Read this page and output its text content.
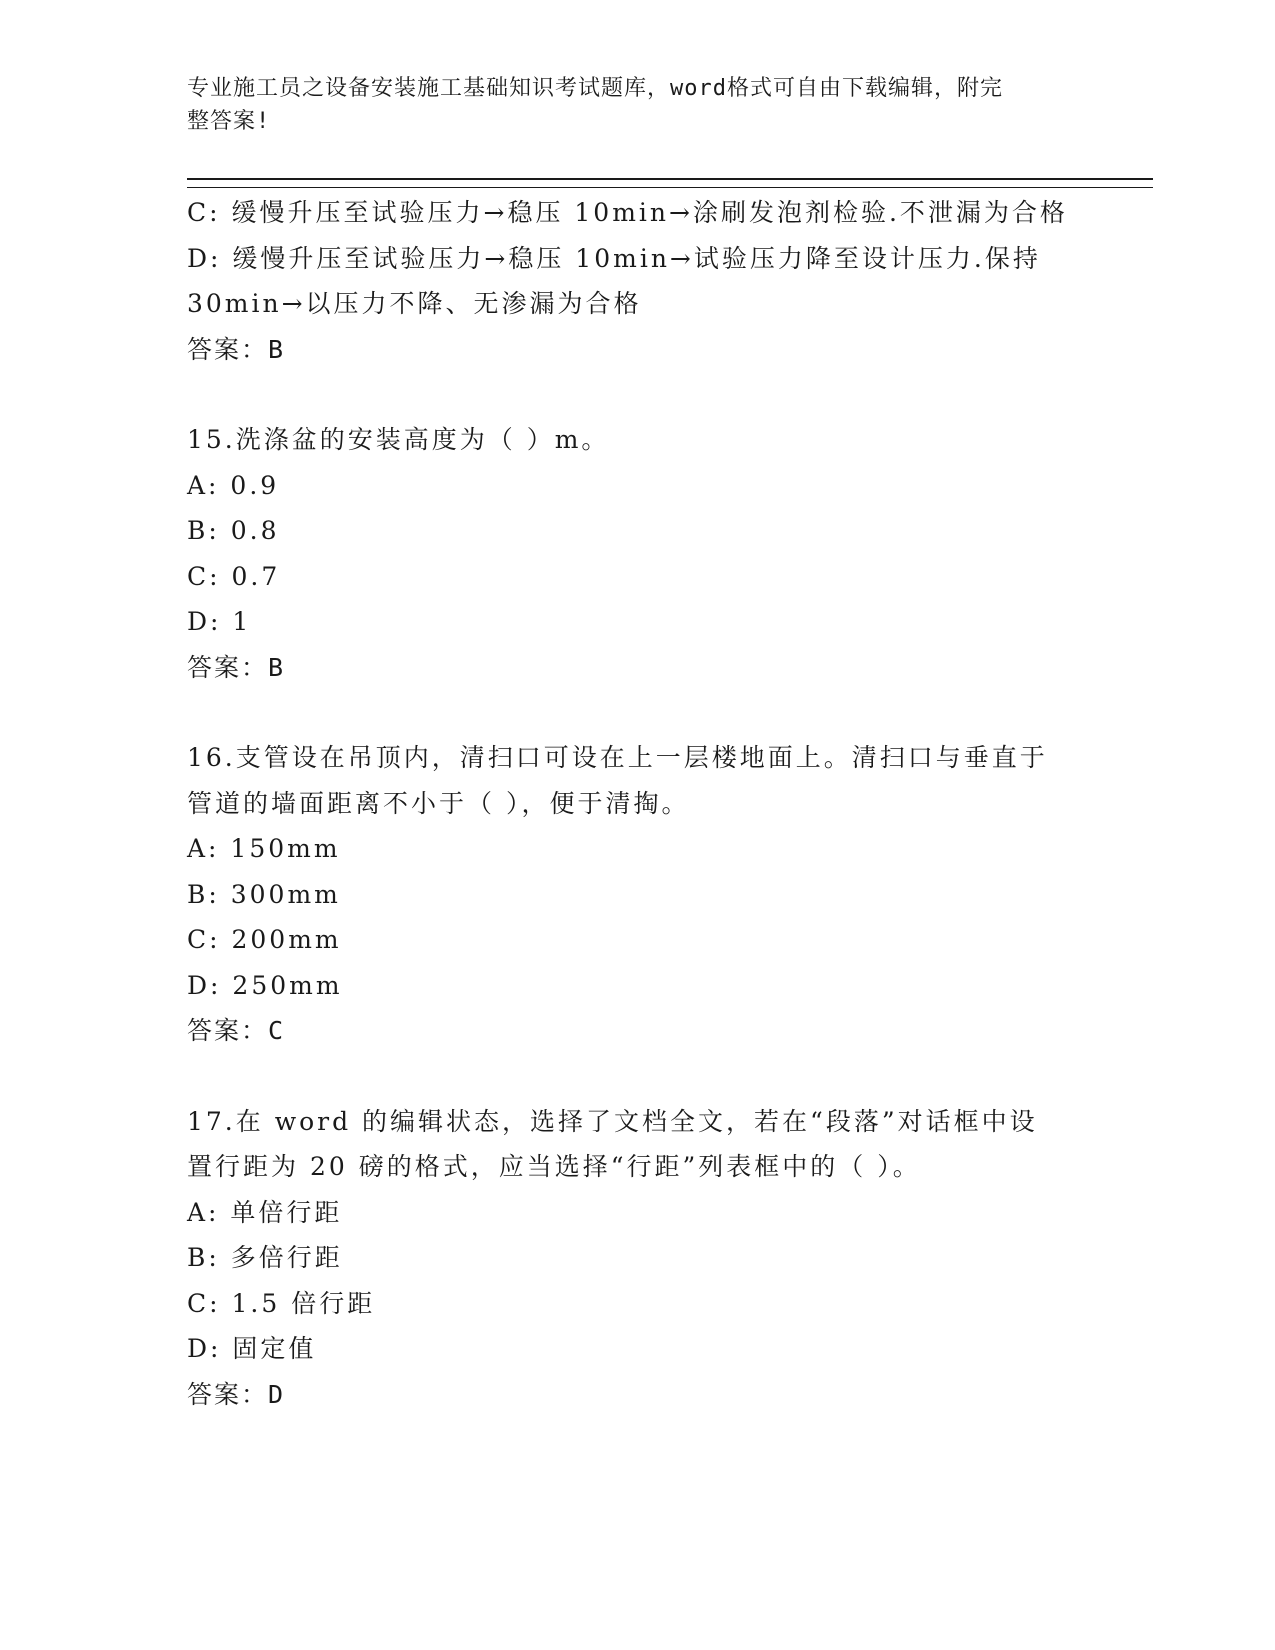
专业施工员之设备安装施工基础知识考试题库，word格式可自由下载编辑，附完
整答案!
C: 缓慢升压至试验压力→稳压 10min→涂刷发泡剂检验.不泄漏为合格
D: 缓慢升压至试验压力→稳压 10min→试验压力降至设计压力.保持
30min→以压力不降、无渗漏为合格
答案：B
15.洗涤盆的安装高度为（ ）m。
A: 0.9
B: 0.8
C: 0.7
D: 1
答案：B
16.支管设在吊顶内，清扫口可设在上一层楼地面上。清扫口与垂直于
管道的墙面距离不小于（ ），便于清掏。
A: 150mm
B: 300mm
C: 200mm
D: 250mm
答案：C
17.在 word 的编辑状态，选择了文档全文，若在“段落”对话框中设
置行距为 20 磅的格式，应当选择“行距”列表框中的（ ）。
A: 单倍行距
B: 多倍行距
C: 1.5 倍行距
D: 固定值
答案：D
